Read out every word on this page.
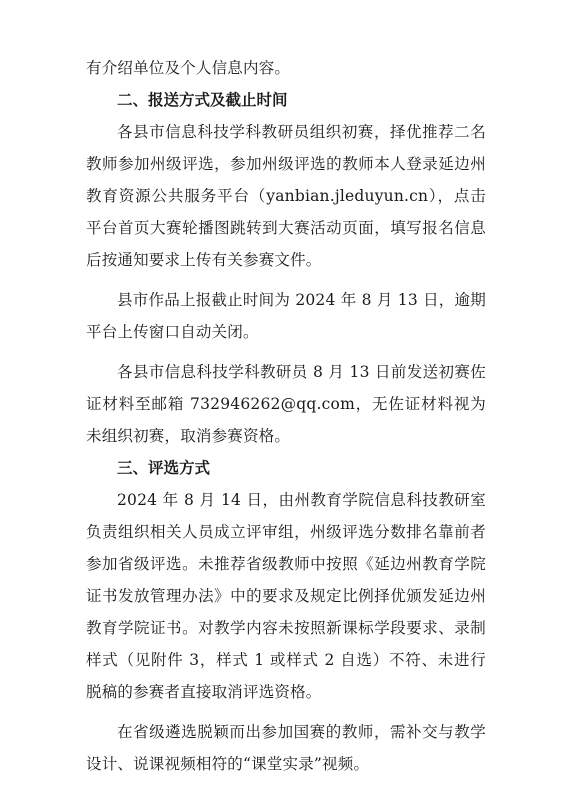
有介绍单位及个人信息内容。

二、报送方式及截止时间

各县市信息科技学科教研员组织初赛，择优推荐二名教师参加州级评选，参加州级评选的教师本人登录延边州教育资源公共服务平台（yanbian.jleduyun.cn），点击平台首页大赛轮播图跳转到大赛活动页面，填写报名信息后按通知要求上传有关参赛文件。

县市作品上报截止时间为 2024 年 8 月 13 日，逾期平台上传窗口自动关闭。

各县市信息科技学科教研员 8 月 13 日前发送初赛佐证材料至邮箱 732946262@qq.com，无佐证材料视为未组织初赛，取消参赛资格。

三、评选方式

2024 年 8 月 14 日，由州教育学院信息科技教研室负责组织相关人员成立评审组，州级评选分数排名靠前者参加省级评选。未推荐省级教师中按照《延边州教育学院证书发放管理办法》中的要求及规定比例择优颁发延边州教育学院证书。对教学内容未按照新课标学段要求、录制样式（见附件 3，样式 1 或样式 2 自选）不符、未进行脱稿的参赛者直接取消评选资格。

在省级遴选脱颖而出参加国赛的教师，需补交与教学设计、说课视频相符的“课堂实录”视频。
